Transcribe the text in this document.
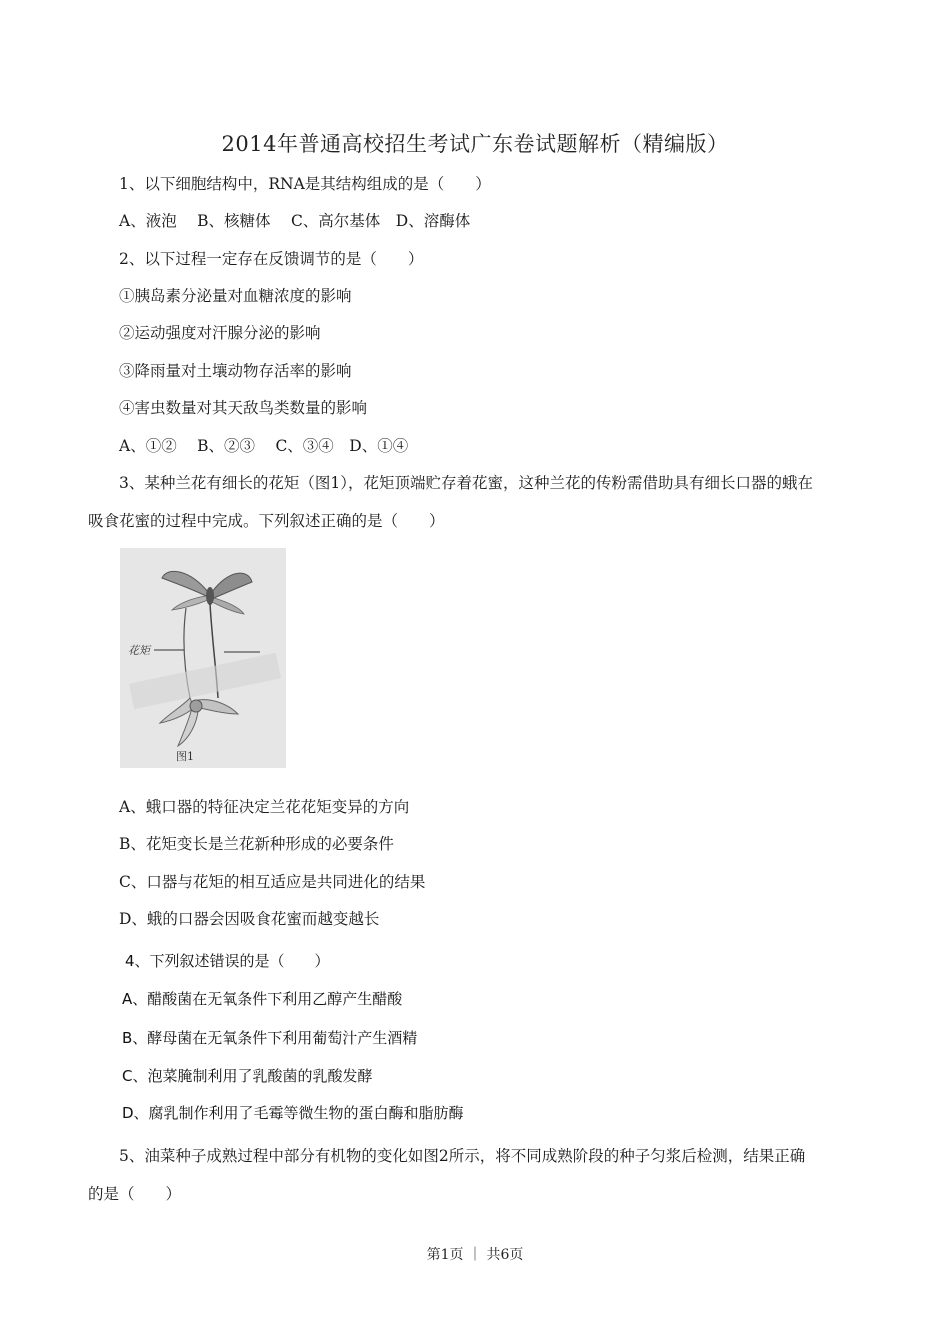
2014年普通高校招生考试广东卷试题解析（精编版）
1、以下细胞结构中，RNA是其结构组成的是（　　）
A、液泡　 B、核糖体　 C、高尔基体　D、溶酶体
2、以下过程一定存在反馈调节的是（　　）
①胰岛素分泌量对血糖浓度的影响
②运动强度对汗腺分泌的影响
③降雨量对土壤动物存活率的影响
④害虫数量对其天敌鸟类数量的影响
A、①②　 B、②③　 C、③④　D、①④
3、某种兰花有细长的花矩（图1），花矩顶端贮存着花蜜，这种兰花的传粉需借助具有细长口器的蛾在
吸食花蜜的过程中完成。下列叙述正确的是（　　）
花矩
图1
A、蛾口器的特征决定兰花花矩变异的方向
B、花矩变长是兰花新种形成的必要条件
C、口器与花矩的相互适应是共同进化的结果
D、蛾的口器会因吸食花蜜而越变越长
4、下列叙述错误的是（　　）
A、醋酸菌在无氧条件下利用乙醇产生醋酸
B、酵母菌在无氧条件下利用葡萄汁产生酒精
C、泡菜腌制利用了乳酸菌的乳酸发酵
D、腐乳制作利用了毛霉等微生物的蛋白酶和脂肪酶
5、油菜种子成熟过程中部分有机物的变化如图2所示，将不同成熟阶段的种子匀浆后检测，结果正确
的是（　　）
第1页 ｜ 共6页
